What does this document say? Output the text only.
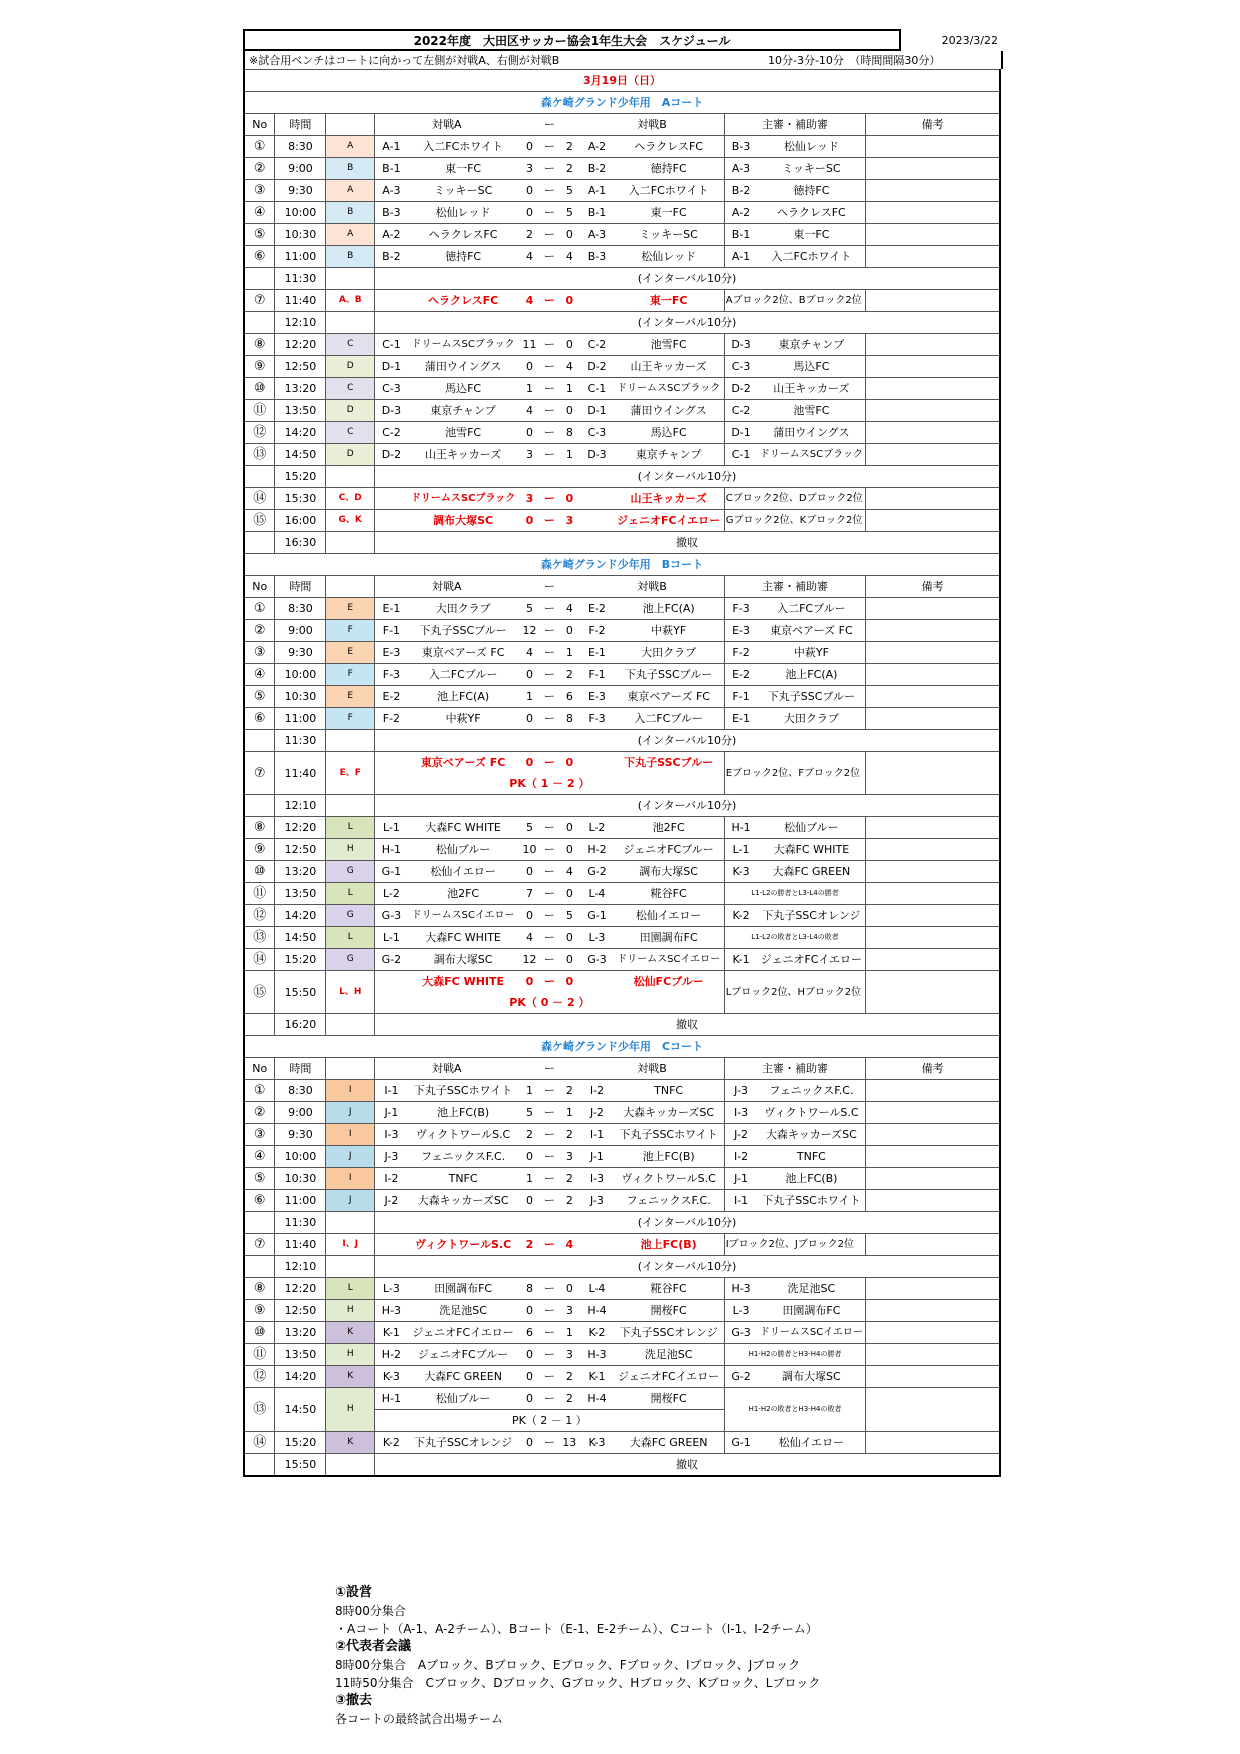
2022年度　大田区サッカー協会1年生大会　スケジュール	2023/3/22
※試合用ベンチはコートに向かって左側が対戦A、右側が対戦B	10分-3分-10分　（時間間隔30分）
3月19日（日）												
森ケ崎グランド少年用　Aコート												
No	時間		対戦A		ー			対戦B		主審・補助審		備考
①	8:30	A	A-1	入二FCホワイト	0	ー	2	A-2	ヘラクレスFC	B-3	松仙レッド	
②	9:00	B	B-1	東一FC	3	ー	2	B-2	徳持FC	A-3	ミッキーSC	
③	9:30	A	A-3	ミッキーSC	0	ー	5	A-1	入二FCホワイト	B-2	徳持FC	
④	10:00	B	B-3	松仙レッド	0	ー	5	B-1	東一FC	A-2	ヘラクレスFC	
⑤	10:30	A	A-2	ヘラクレスFC	2	ー	0	A-3	ミッキーSC	B-1	東一FC	
⑥	11:00	B	B-2	徳持FC	4	ー	4	B-3	松仙レッド	A-1	入二FCホワイト	
	11:30		(インターバル10分)									
⑦	11:40	A、B		ヘラクレスFC	4	ー	0		東一FC	Aブロック2位、Bブロック2位		
	12:10		(インターバル10分)									
⑧	12:20	C	C-1	ドリームスSCブラック	11	ー	0	C-2	池雪FC	D-3	東京チャンプ	
⑨	12:50	D	D-1	蒲田ウイングス	0	ー	4	D-2	山王キッカーズ	C-3	馬込FC	
⑩	13:20	C	C-3	馬込FC	1	ー	1	C-1	ドリームスSCブラック	D-2	山王キッカーズ	
⑪	13:50	D	D-3	東京チャンプ	4	ー	0	D-1	蒲田ウイングス	C-2	池雪FC	
⑫	14:20	C	C-2	池雪FC	0	ー	8	C-3	馬込FC	D-1	蒲田ウイングス	
⑬	14:50	D	D-2	山王キッカーズ	3	ー	1	D-3	東京チャンプ	C-1	ドリームスSCブラック	
	15:20		(インターバル10分)									
⑭	15:30	C、D		ドリームスSCブラック	3	ー	0		山王キッカーズ	Cブロック2位、Dブロック2位		
⑮	16:00	G、K		調布大塚SC	0	ー	3		ジェニオFCイエロー	Gブロック2位、Kブロック2位		
	16:30		撤収									
森ケ崎グランド少年用　Bコート												
No	時間		対戦A		ー			対戦B		主審・補助審		備考
①	8:30	E	E-1	大田クラブ	5	ー	4	E-2	池上FC(A)	F-3	入二FCブルー	
②	9:00	F	F-1	下丸子SSCブルー	12	ー	0	F-2	中萩YF	E-3	東京ベアーズ FC	
③	9:30	E	E-3	東京ベアーズ FC	4	ー	1	E-1	大田クラブ	F-2	中萩YF	
④	10:00	F	F-3	入二FCブルー	0	ー	2	F-1	下丸子SSCブルー	E-2	池上FC(A)	
⑤	10:30	E	E-2	池上FC(A)	1	ー	6	E-3	東京ベアーズ FC	F-1	下丸子SSCブルー	
⑥	11:00	F	F-2	中萩YF	0	ー	8	F-3	入二FCブルー	E-1	大田クラブ	
	11:30		(インターバル10分)									
⑦	11:40	E、F		東京ベアーズ FC	0	ー	0		下丸子SSCブルー	Eブロック2位、Fブロック2位		
			PK（ 1 － 2 ）									
	12:10		(インターバル10分)									
⑧	12:20	L	L-1	大森FC WHITE	5	ー	0	L-2	池2FC	H-1	松仙ブルー	
⑨	12:50	H	H-1	松仙ブルー	10	ー	0	H-2	ジェニオFCブルー	L-1	大森FC WHITE	
⑩	13:20	G	G-1	松仙イエロー	0	ー	4	G-2	調布大塚SC	K-3	大森FC GREEN	
⑪	13:50	L	L-2	池2FC	7	ー	0	L-4	糀谷FC	L1-L2の勝者とL3-L4の勝者		
⑫	14:20	G	G-3	ドリームスSCイエロー	0	ー	5	G-1	松仙イエロー	K-2	下丸子SSCオレンジ	
⑬	14:50	L	L-1	大森FC WHITE	4	ー	0	L-3	田園調布FC	L1-L2の敗者とL3-L4の敗者		
⑭	15:20	G	G-2	調布大塚SC	12	ー	0	G-3	ドリームスSCイエロー	K-1	ジェニオFCイエロー	
⑮	15:50	L、H		大森FC WHITE	0	ー	0		松仙FCブルー	Lブロック2位、Hブロック2位		
			PK（ 0 － 2 ）									
	16:20		撤収									
森ケ崎グランド少年用　Cコート												
No	時間		対戦A		ー			対戦B		主審・補助審		備考
①	8:30	I	I-1	下丸子SSCホワイト	1	ー	2	I-2	TNFC	J-3	フェニックスF.C.	
②	9:00	J	J-1	池上FC(B)	5	ー	1	J-2	大森キッカーズSC	I-3	ヴィクトワールS.C	
③	9:30	I	I-3	ヴィクトワールS.C	2	ー	2	I-1	下丸子SSCホワイト	J-2	大森キッカーズSC	
④	10:00	J	J-3	フェニックスF.C.	0	ー	3	J-1	池上FC(B)	I-2	TNFC	
⑤	10:30	I	I-2	TNFC	1	ー	2	I-3	ヴィクトワールS.C	J-1	池上FC(B)	
⑥	11:00	J	J-2	大森キッカーズSC	0	ー	2	J-3	フェニックスF.C.	I-1	下丸子SSCホワイト	
	11:30		(インターバル10分)									
⑦	11:40	I、J		ヴィクトワールS.C	2	ー	4		池上FC(B)	Iブロック2位、Jブロック2位		
	12:10		(インターバル10分)									
⑧	12:20	L	L-3	田園調布FC	8	ー	0	L-4	糀谷FC	H-3	洗足池SC	
⑨	12:50	H	H-3	洗足池SC	0	ー	3	H-4	開桜FC	L-3	田園調布FC	
⑩	13:20	K	K-1	ジェニオFCイエロー	6	ー	1	K-2	下丸子SSCオレンジ	G-3	ドリームスSCイエロー	
⑪	13:50	H	H-2	ジェニオFCブルー	0	ー	3	H-3	洗足池SC	H1-H2の勝者とH3-H4の勝者		
⑫	14:20	K	K-3	大森FC GREEN	0	ー	2	K-1	ジェニオFCイエロー	G-2	調布大塚SC	
⑬	14:50	H	H-1	松仙ブルー	0	ー	2	H-4	開桜FC	H1-H2の敗者とH3-H4の敗者		
			PK（ 2 － 1 ）									
⑭	15:20	K	K-2	下丸子SSCオレンジ	0	ー	13	K-3	大森FC GREEN	G-1	松仙イエロー	
	15:50		撤収									
①設営
8時00分集合
・Aコート（A-1、A-2チーム）、Bコート（E-1、E-2チーム）、Cコート（I-1、I-2チーム）
②代表者会議
8時00分集合　Aブロック、Bブロック、Eブロック、Fブロック、Iブロック、Jブロック
11時50分集合　Cブロック、Dブロック、Gブロック、Hブロック、Kブロック、Lブロック
③撤去
各コートの最終試合出場チーム
